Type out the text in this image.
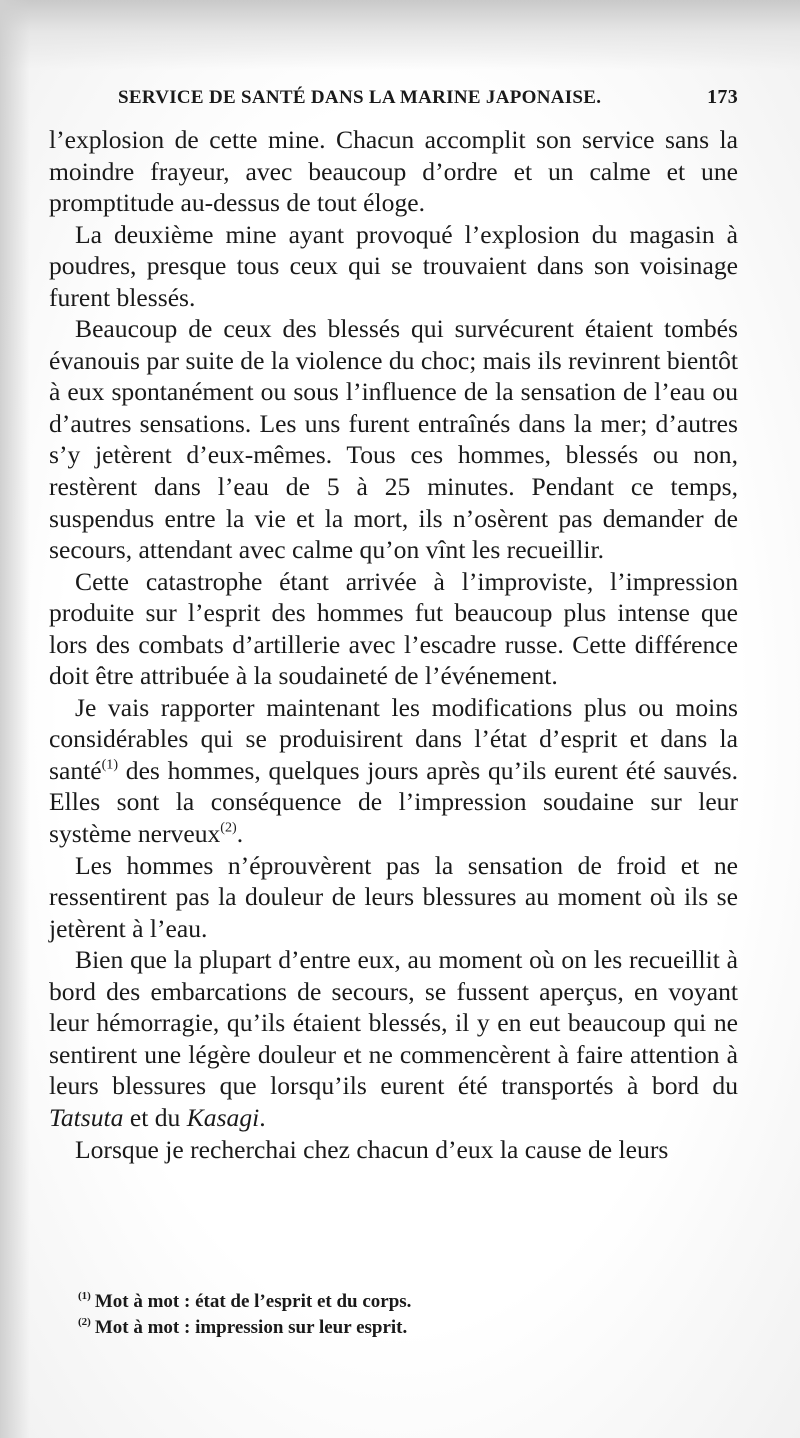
SERVICE DE SANTÉ DANS LA MARINE JAPONAISE.	173

l’explosion de cette mine. Chacun accomplit son service sans la moindre frayeur, avec beaucoup d’ordre et un calme et une promptitude au-dessus de tout éloge.

La deuxième mine ayant provoqué l’explosion du magasin à poudres, presque tous ceux qui se trouvaient dans son voisinage furent blessés.

Beaucoup de ceux des blessés qui survécurent étaient tombés évanouis par suite de la violence du choc; mais ils revinrent bientôt à eux spontanément ou sous l’influence de la sensation de l’eau ou d’autres sensations. Les uns furent entraînés dans la mer; d’autres s’y jetèrent d’eux-mêmes. Tous ces hommes, blessés ou non, restèrent dans l’eau de 5 à 25 minutes. Pendant ce temps, suspendus entre la vie et la mort, ils n’osèrent pas demander de secours, attendant avec calme qu’on vînt les recueillir.

Cette catastrophe étant arrivée à l’improviste, l’impression produite sur l’esprit des hommes fut beaucoup plus intense que lors des combats d’artillerie avec l’escadre russe. Cette différence doit être attribuée à la soudaineté de l’événement.

Je vais rapporter maintenant les modifications plus ou moins considérables qui se produisirent dans l’état d’esprit et dans la santé$^{(1)}$ des hommes, quelques jours après qu’ils eurent été sauvés. Elles sont la conséquence de l’impression soudaine sur leur système nerveux$^{(2)}$.

Les hommes n’éprouvèrent pas la sensation de froid et ne ressentirent pas la douleur de leurs blessures au moment où ils se jetèrent à l’eau.

Bien que la plupart d’entre eux, au moment où on les recueillit à bord des embarcations de secours, se fussent aperçus, en voyant leur hémorragie, qu’ils étaient blessés, il y en eut beaucoup qui ne sentirent une légère douleur et ne commencèrent à faire attention à leurs blessures que lorsqu’ils eurent été transportés à bord du Tatsuta et du Kasagi.

Lorsque je recherchai chez chacun d’eux la cause de leurs

$^{(1)}$ Mot à mot : état de l’esprit et du corps.

$^{(2)}$ Mot à mot : impression sur leur esprit.
